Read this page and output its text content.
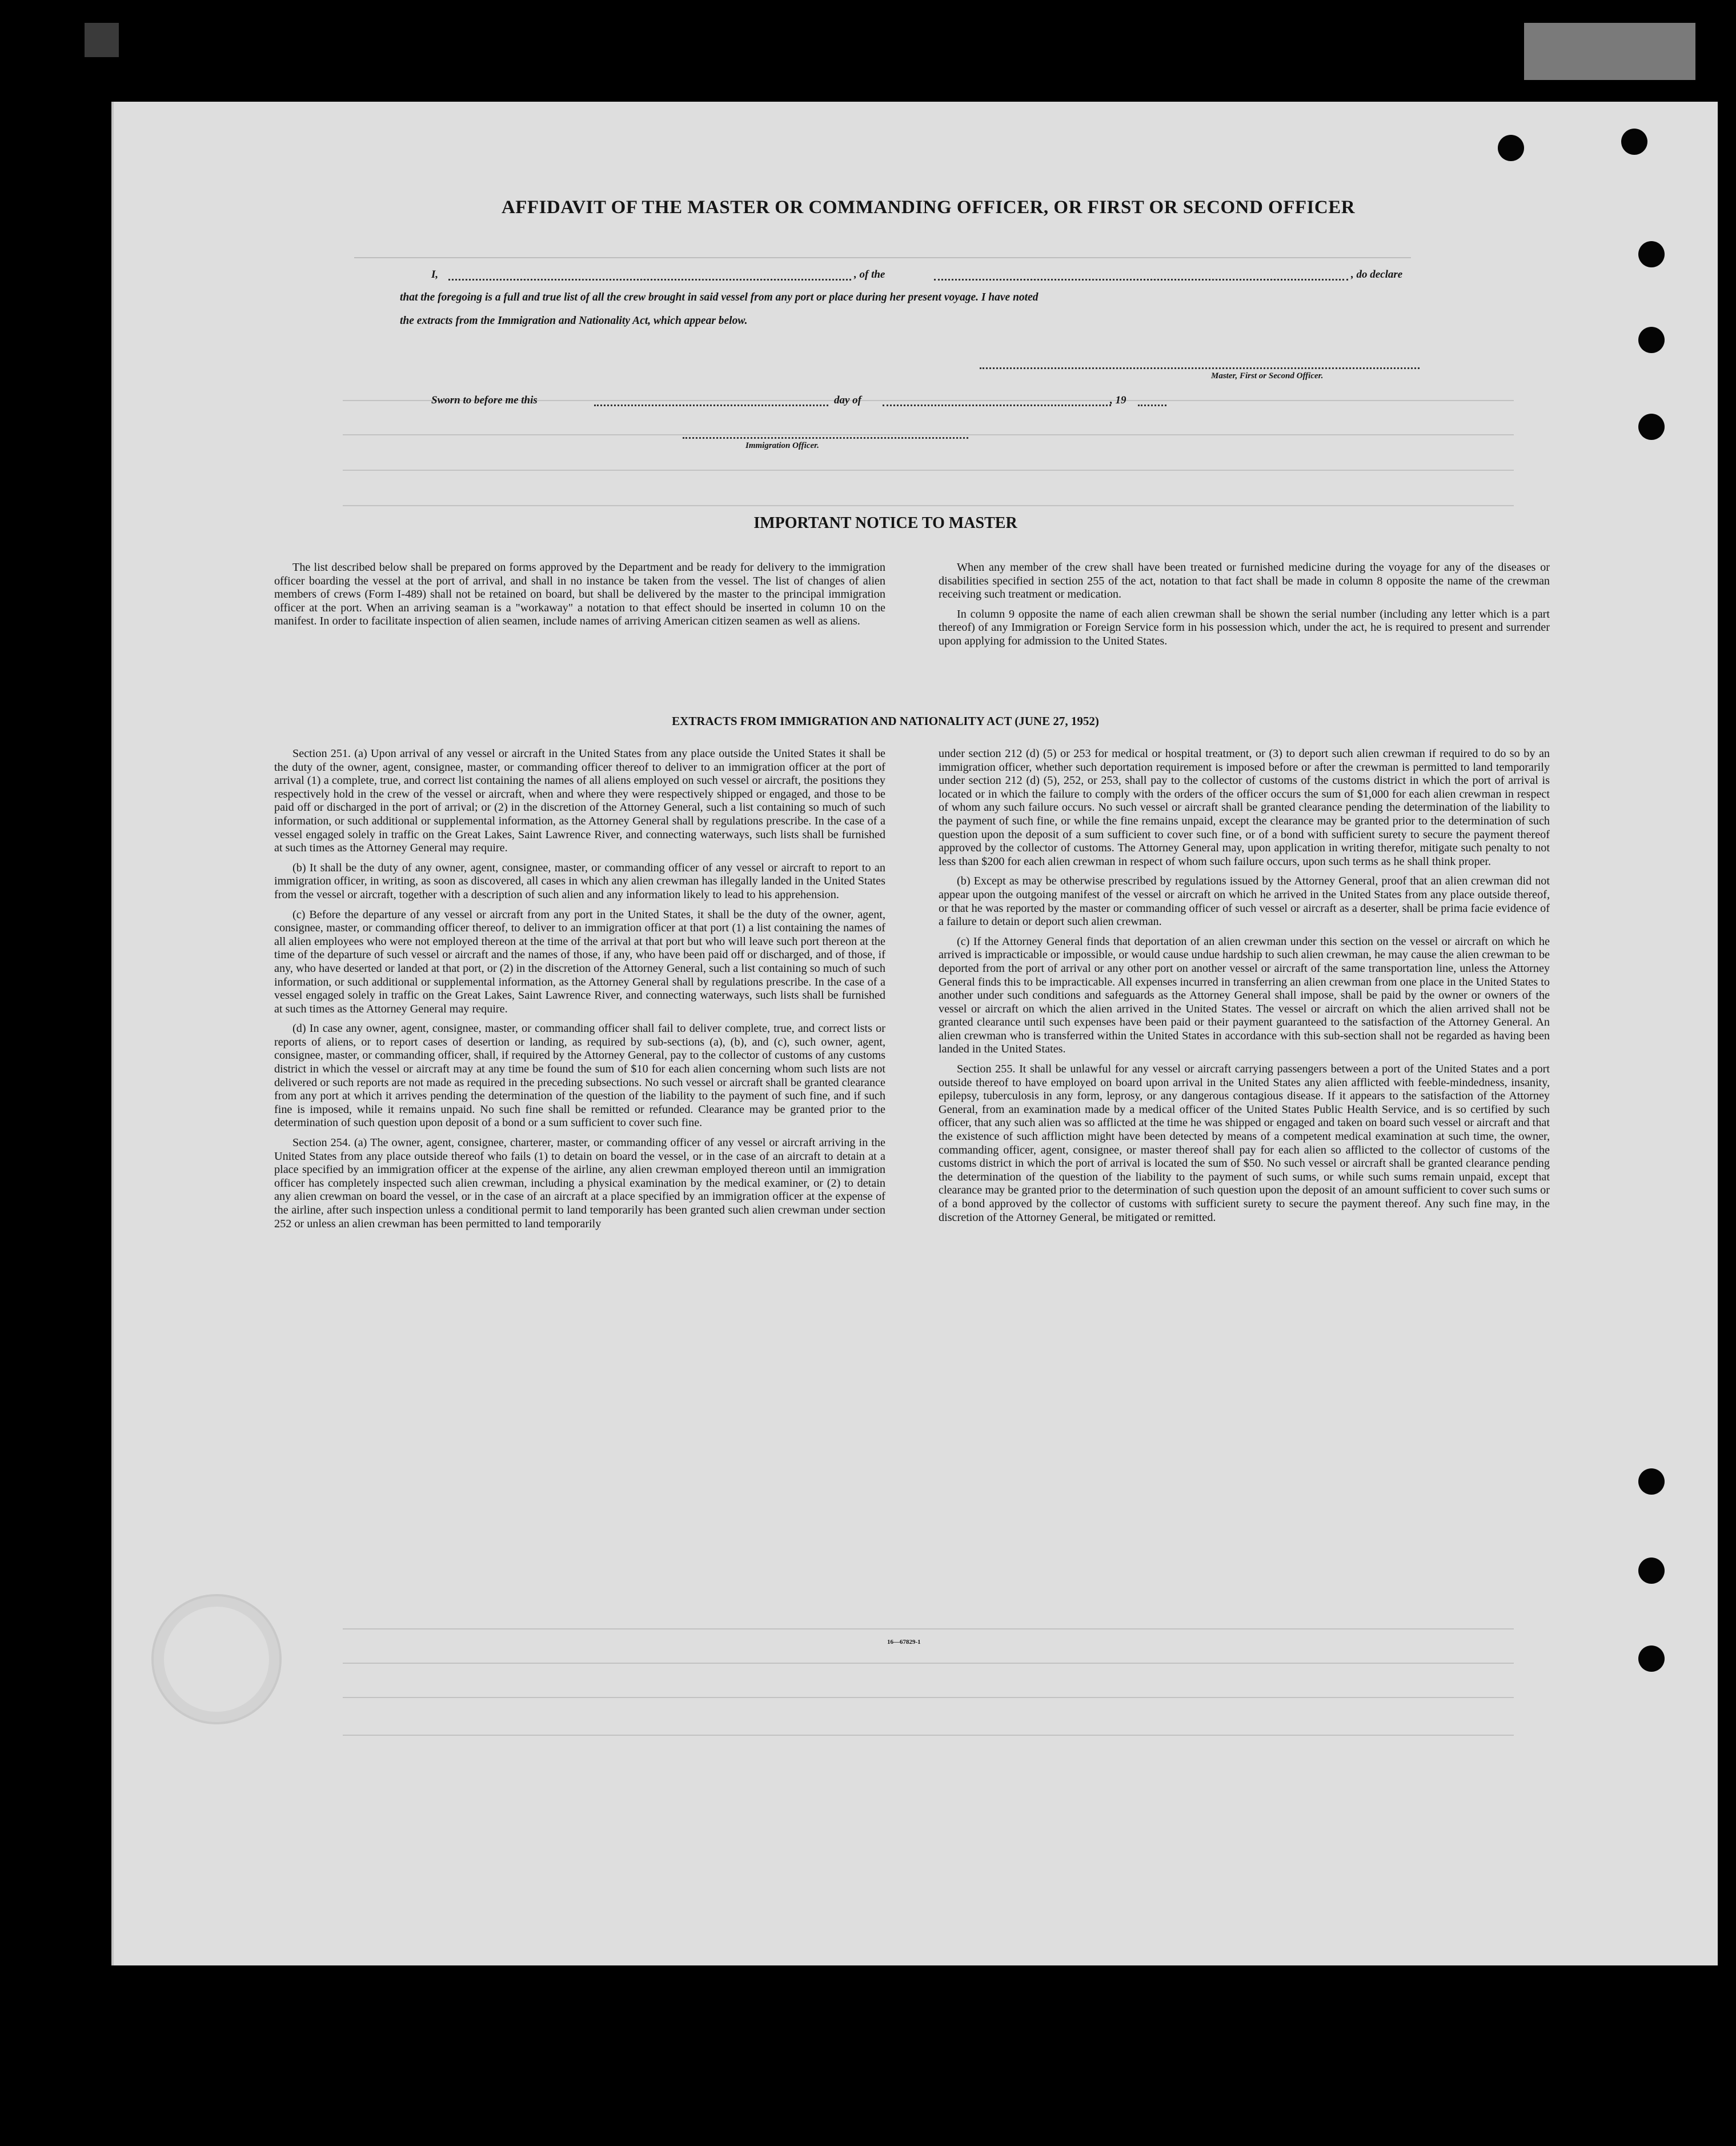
AFFIDAVIT OF THE MASTER OR COMMANDING OFFICER, OR FIRST OR SECOND OFFICER
I,	, of the	, do declare
that the foregoing is a full and true list of all the crew brought in said vessel from any port or place during her present voyage. I have noted
the extracts from the Immigration and Nationality Act, which appear below.
Master, First or Second Officer.
Sworn to before me this	day of	, 19
Immigration Officer.
IMPORTANT NOTICE TO MASTER

The list described below shall be prepared on forms approved by the Department and be ready for delivery to the immigration officer boarding the vessel at the port of arrival, and shall in no instance be taken from the vessel. The list of changes of alien members of crews (Form I-489) shall not be retained on board, but shall be delivered by the master to the principal immigration officer at the port. When an arriving seaman is a "workaway" a notation to that effect should be inserted in column 10 on the manifest. In order to facilitate inspection of alien seamen, include names of arriving American citizen seamen as well as aliens.

When any member of the crew shall have been treated or furnished medicine during the voyage for any of the diseases or disabilities specified in section 255 of the act, notation to that fact shall be made in column 8 opposite the name of the crewman receiving such treatment or medication.

In column 9 opposite the name of each alien crewman shall be shown the serial number (including any letter which is a part thereof) of any Immigration or Foreign Service form in his possession which, under the act, he is required to present and surrender upon applying for admission to the United States.

EXTRACTS FROM IMMIGRATION AND NATIONALITY ACT (JUNE 27, 1952)

Section 251. (a) Upon arrival of any vessel or aircraft in the United States from any place outside the United States it shall be the duty of the owner, agent, consignee, master, or commanding officer thereof to deliver to an immigration officer at the port of arrival (1) a complete, true, and correct list containing the names of all aliens employed on such vessel or aircraft, the positions they respectively hold in the crew of the vessel or aircraft, when and where they were respectively shipped or engaged, and those to be paid off or discharged in the port of arrival; or (2) in the discretion of the Attorney General, such a list containing so much of such information, or such additional or supplemental information, as the Attorney General shall by regulations prescribe. In the case of a vessel engaged solely in traffic on the Great Lakes, Saint Lawrence River, and connecting waterways, such lists shall be furnished at such times as the Attorney General may require.

(b) It shall be the duty of any owner, agent, consignee, master, or commanding officer of any vessel or aircraft to report to an immigration officer, in writing, as soon as discovered, all cases in which any alien crewman has illegally landed in the United States from the vessel or aircraft, together with a description of such alien and any information likely to lead to his apprehension.

(c) Before the departure of any vessel or aircraft from any port in the United States, it shall be the duty of the owner, agent, consignee, master, or commanding officer thereof, to deliver to an immigration officer at that port (1) a list containing the names of all alien employees who were not employed thereon at the time of the arrival at that port but who will leave such port thereon at the time of the departure of such vessel or aircraft and the names of those, if any, who have been paid off or discharged, and of those, if any, who have deserted or landed at that port, or (2) in the discretion of the Attorney General, such a list containing so much of such information, or such additional or supplemental information, as the Attorney General shall by regulations prescribe. In the case of a vessel engaged solely in traffic on the Great Lakes, Saint Lawrence River, and connecting waterways, such lists shall be furnished at such times as the Attorney General may require.

(d) In case any owner, agent, consignee, master, or commanding officer shall fail to deliver complete, true, and correct lists or reports of aliens, or to report cases of desertion or landing, as required by sub-sections (a), (b), and (c), such owner, agent, consignee, master, or commanding officer, shall, if required by the Attorney General, pay to the collector of customs of any customs district in which the vessel or aircraft may at any time be found the sum of $10 for each alien concerning whom such lists are not delivered or such reports are not made as required in the preceding subsections. No such vessel or aircraft shall be granted clearance from any port at which it arrives pending the determination of the question of the liability to the payment of such fine, and if such fine is imposed, while it remains unpaid. No such fine shall be remitted or refunded. Clearance may be granted prior to the determination of such question upon deposit of a bond or a sum sufficient to cover such fine.

Section 254. (a) The owner, agent, consignee, charterer, master, or commanding officer of any vessel or aircraft arriving in the United States from any place outside thereof who fails (1) to detain on board the vessel, or in the case of an aircraft to detain at a place specified by an immigration officer at the expense of the airline, any alien crewman employed thereon until an immigration officer has completely inspected such alien crewman, including a physical examination by the medical examiner, or (2) to detain any alien crewman on board the vessel, or in the case of an aircraft at a place specified by an immigration officer at the expense of the airline, after such inspection unless a conditional permit to land temporarily has been granted such alien crewman under section 252 or unless an alien crewman has been permitted to land temporarily

under section 212 (d) (5) or 253 for medical or hospital treatment, or (3) to deport such alien crewman if required to do so by an immigration officer, whether such deportation requirement is imposed before or after the crewman is permitted to land temporarily under section 212 (d) (5), 252, or 253, shall pay to the collector of customs of the customs district in which the port of arrival is located or in which the failure to comply with the orders of the officer occurs the sum of $1,000 for each alien crewman in respect of whom any such failure occurs. No such vessel or aircraft shall be granted clearance pending the determination of the liability to the payment of such fine, or while the fine remains unpaid, except the clearance may be granted prior to the determination of such question upon the deposit of a sum sufficient to cover such fine, or of a bond with sufficient surety to secure the payment thereof approved by the collector of customs. The Attorney General may, upon application in writing therefor, mitigate such penalty to not less than $200 for each alien crewman in respect of whom such failure occurs, upon such terms as he shall think proper.

(b) Except as may be otherwise prescribed by regulations issued by the Attorney General, proof that an alien crewman did not appear upon the outgoing manifest of the vessel or aircraft on which he arrived in the United States from any place outside thereof, or that he was reported by the master or commanding officer of such vessel or aircraft as a deserter, shall be prima facie evidence of a failure to detain or deport such alien crewman.

(c) If the Attorney General finds that deportation of an alien crewman under this section on the vessel or aircraft on which he arrived is impracticable or impossible, or would cause undue hardship to such alien crewman, he may cause the alien crewman to be deported from the port of arrival or any other port on another vessel or aircraft of the same transportation line, unless the Attorney General finds this to be impracticable. All expenses incurred in transferring an alien crewman from one place in the United States to another under such conditions and safeguards as the Attorney General shall impose, shall be paid by the owner or owners of the vessel or aircraft on which the alien arrived in the United States. The vessel or aircraft on which the alien arrived shall not be granted clearance until such expenses have been paid or their payment guaranteed to the satisfaction of the Attorney General. An alien crewman who is transferred within the United States in accordance with this sub-section shall not be regarded as having been landed in the United States.

Section 255. It shall be unlawful for any vessel or aircraft carrying passengers between a port of the United States and a port outside thereof to have employed on board upon arrival in the United States any alien afflicted with feeble-mindedness, insanity, epilepsy, tuberculosis in any form, leprosy, or any dangerous contagious disease. If it appears to the satisfaction of the Attorney General, from an examination made by a medical officer of the United States Public Health Service, and is so certified by such officer, that any such alien was so afflicted at the time he was shipped or engaged and taken on board such vessel or aircraft and that the existence of such affliction might have been detected by means of a competent medical examination at such time, the owner, commanding officer, agent, consignee, or master thereof shall pay for each alien so afflicted to the collector of customs of the customs district in which the port of arrival is located the sum of $50. No such vessel or aircraft shall be granted clearance pending the determination of the question of the liability to the payment of such sums, or while such sums remain unpaid, except that clearance may be granted prior to the determination of such question upon the deposit of an amount sufficient to cover such sums or of a bond approved by the collector of customs with sufficient surety to secure the payment thereof. Any such fine may, in the discretion of the Attorney General, be mitigated or remitted.

16—67829-1
